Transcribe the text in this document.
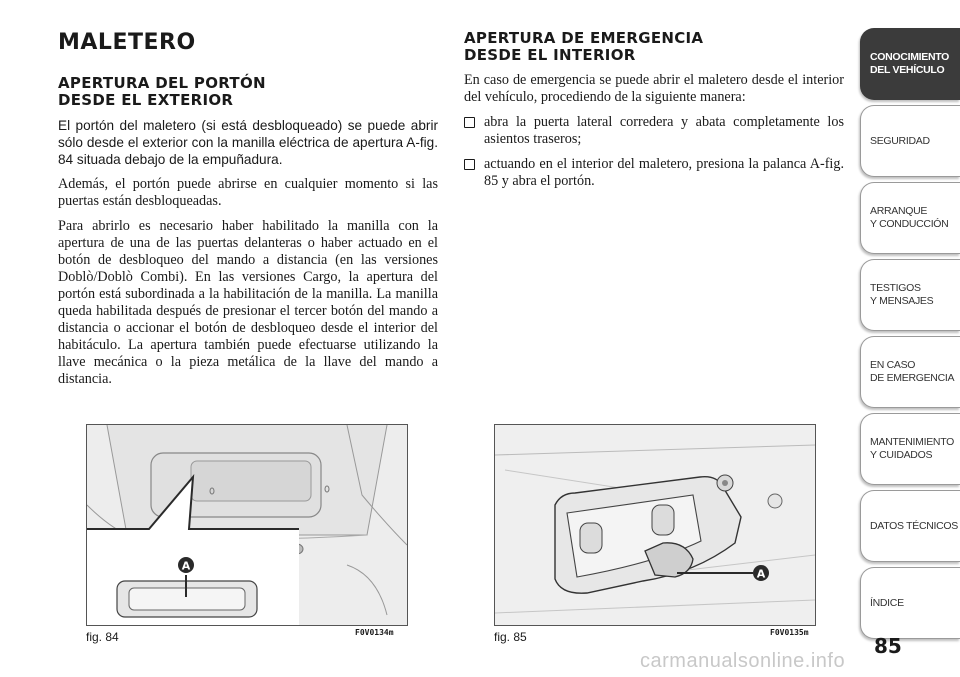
MALETERO
APERTURA DEL PORTÓN
DESDE EL EXTERIOR

El portón del maletero (si está desbloqueado) se puede abrir sólo desde el exterior con la manilla eléctrica de apertura A-fig. 84 situada debajo de la empuñadura.

Además, el portón puede abrirse en cualquier momento si las puertas están desbloqueadas.

Para abrirlo es necesario haber habilitado la manilla con la apertura de una de las puertas delanteras o haber actuado en el botón de desbloqueo del mando a distancia (en las versiones Doblò/Doblò Combi). En las versiones Cargo, la apertura del portón está subordinada a la habilitación de la manilla. La manilla queda habilitada después de presionar el tercer botón del mando a distancia o accionar el botón de desbloqueo desde el interior del habitáculo. La apertura también puede efectuarse utilizando la llave mecánica o la pieza metálica de la llave del mando a distancia.

APERTURA DE EMERGENCIA
DESDE EL INTERIOR

En caso de emergencia se puede abrir el maletero desde el interior del vehículo, procediendo de la siguiente manera:

abra la puerta lateral corredera y abata completamente los asientos traseros;
actuando en el interior del maletero, presiona la palanca A-fig. 85 y abra el portón.
A
fig. 84	F0V0134m
A
fig. 85	F0V0135m
CONOCIMIENTO
DEL VEHÍCULO
SEGURIDAD
ARRANQUE
Y CONDUCCIÓN
TESTIGOS
Y MENSAJES
EN CASO
DE EMERGENCIA
MANTENIMIENTO
Y CUIDADOS
DATOS TÉCNICOS
ÍNDICE
85
carmanualsonline.info
